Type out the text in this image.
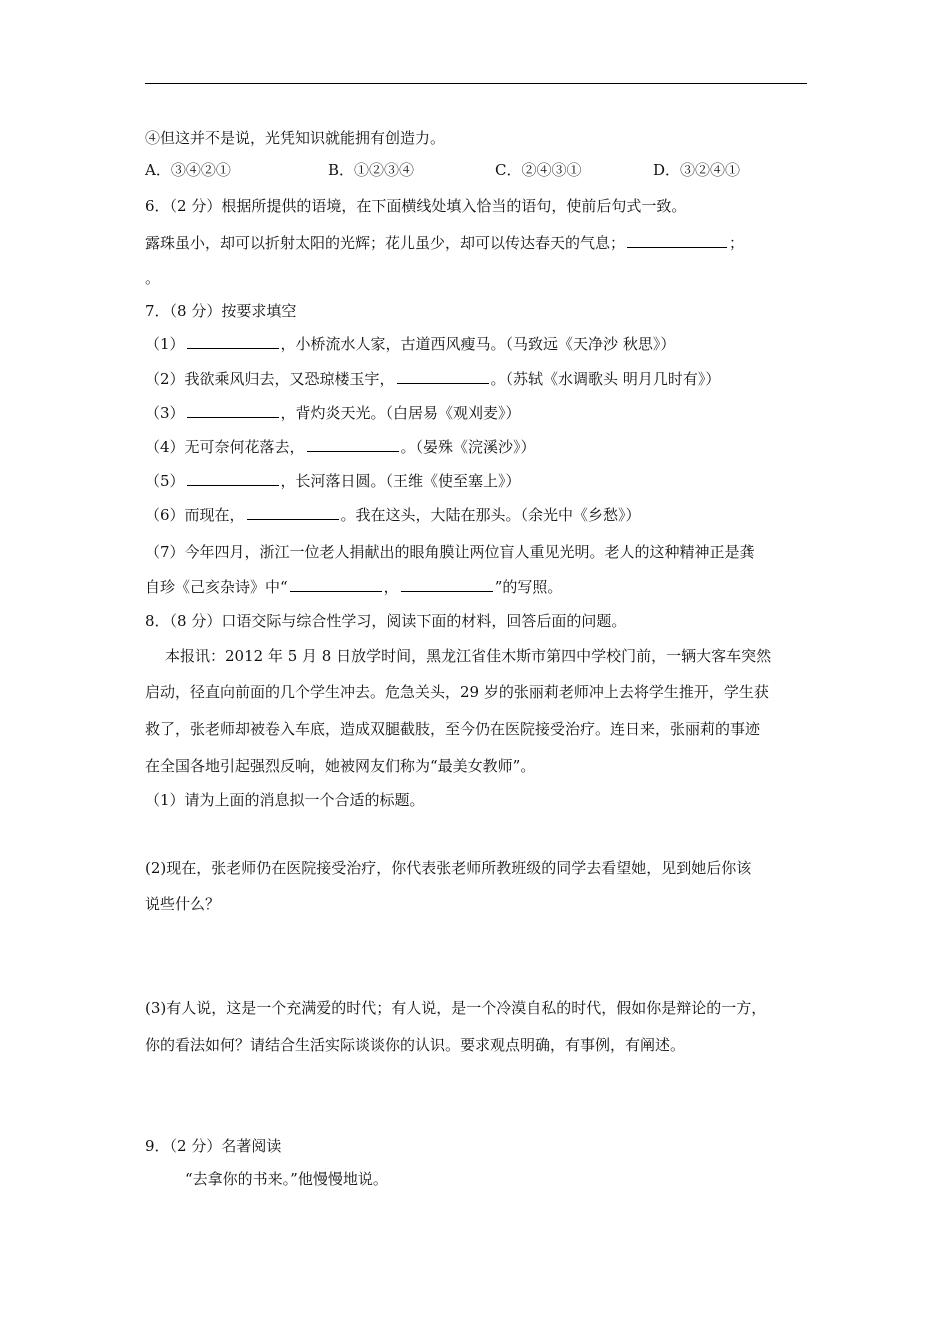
④但这并不是说，光凭知识就能拥有创造力。
A．③④②①	B．①②③④	C．②④③①	D．③②④①
6．（2 分）根据所提供的语境，在下面横线处填入恰当的语句，使前后句式一致。
露珠虽小，却可以折射太阳的光辉；花儿虽少，却可以传达春天的气息；	；
。
7．（8 分）按要求填空
（1）	，小桥流水人家，古道西风瘦马。（马致远《天净沙 秋思》）
（2）我欲乘风归去，又恐琼楼玉宇，	。（苏轼《水调歌头 明月几时有》）
（3）	，背灼炎天光。（白居易《观刈麦》）
（4）无可奈何花落去，	。（晏殊《浣溪沙》）
（5）	，长河落日圆。（王维《使至塞上》）
（6）而现在，	。我在这头，大陆在那头。（余光中《乡愁》）
（7）今年四月，浙江一位老人捐献出的眼角膜让两位盲人重见光明。老人的这种精神正是龚
自珍《己亥杂诗》中“	，	”的写照。
8．（8 分）口语交际与综合性学习，阅读下面的材料，回答后面的问题。
本报讯：2012 年 5 月 8 日放学时间，黑龙江省佳木斯市第四中学校门前，一辆大客车突然
启动，径直向前面的几个学生冲去。危急关头，29 岁的张丽莉老师冲上去将学生推开，学生获
救了，张老师却被卷入车底，造成双腿截肢，至今仍在医院接受治疗。连日来，张丽莉的事迹
在全国各地引起强烈反响，她被网友们称为“最美女教师”。
（1）请为上面的消息拟一个合适的标题。
(2)现在，张老师仍在医院接受治疗，你代表张老师所教班级的同学去看望她，见到她后你该
说些什么？
(3)有人说，这是一个充满爱的时代；有人说，是一个冷漠自私的时代，假如你是辩论的一方，
你的看法如何？请结合生活实际谈谈你的认识。要求观点明确，有事例，有阐述。
9．（2 分）名著阅读
“去拿你的书来。”他慢慢地说。
